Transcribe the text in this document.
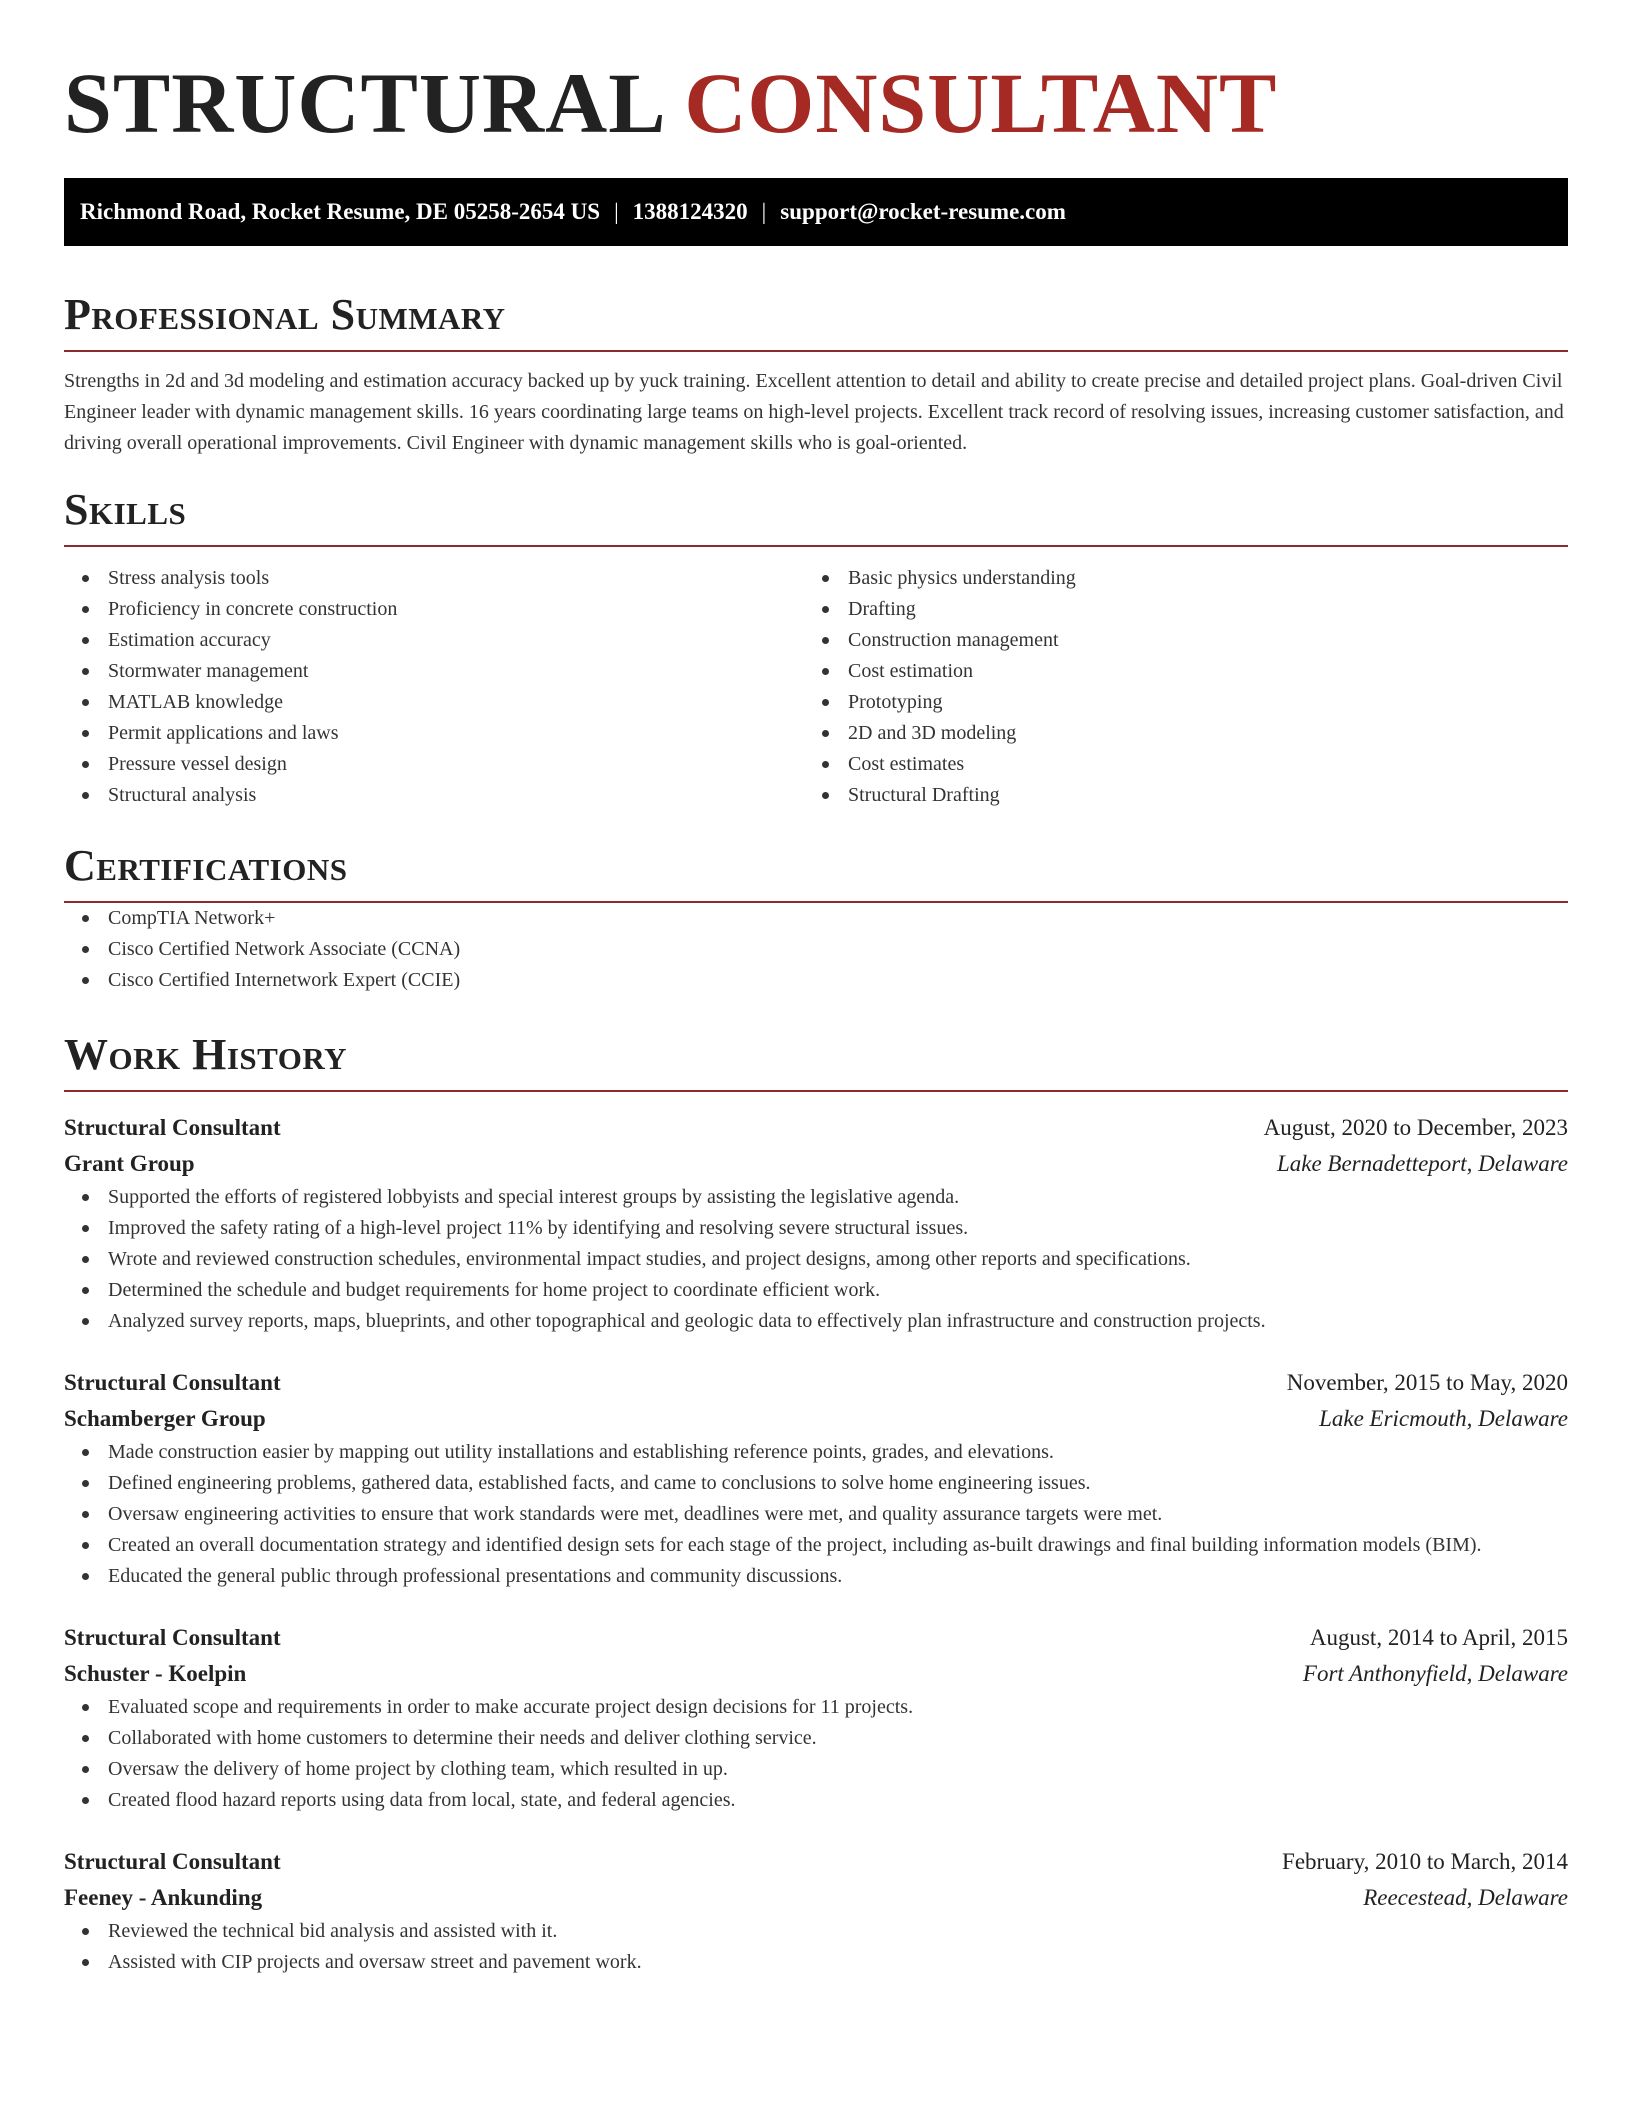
STRUCTURAL CONSULTANT
Richmond Road, Rocket Resume, DE 05258-2654 US | 1388124320 | support@rocket-resume.com
Professional Summary
Strengths in 2d and 3d modeling and estimation accuracy backed up by yuck training. Excellent attention to detail and ability to create precise and detailed project plans. Goal-driven Civil Engineer leader with dynamic management skills. 16 years coordinating large teams on high-level projects. Excellent track record of resolving issues, increasing customer satisfaction, and driving overall operational improvements. Civil Engineer with dynamic management skills who is goal-oriented.
Skills
Stress analysis tools
Proficiency in concrete construction
Estimation accuracy
Stormwater management
MATLAB knowledge
Permit applications and laws
Pressure vessel design
Structural analysis
Basic physics understanding
Drafting
Construction management
Cost estimation
Prototyping
2D and 3D modeling
Cost estimates
Structural Drafting
Certifications
CompTIA Network+
Cisco Certified Network Associate (CCNA)
Cisco Certified Internetwork Expert (CCIE)
Work History
Structural Consultant	August, 2020 to December, 2023
Grant Group	Lake Bernadetteport, Delaware
Supported the efforts of registered lobbyists and special interest groups by assisting the legislative agenda.
Improved the safety rating of a high-level project 11% by identifying and resolving severe structural issues.
Wrote and reviewed construction schedules, environmental impact studies, and project designs, among other reports and specifications.
Determined the schedule and budget requirements for home project to coordinate efficient work.
Analyzed survey reports, maps, blueprints, and other topographical and geologic data to effectively plan infrastructure and construction projects.
Structural Consultant	November, 2015 to May, 2020
Schamberger Group	Lake Ericmouth, Delaware
Made construction easier by mapping out utility installations and establishing reference points, grades, and elevations.
Defined engineering problems, gathered data, established facts, and came to conclusions to solve home engineering issues.
Oversaw engineering activities to ensure that work standards were met, deadlines were met, and quality assurance targets were met.
Created an overall documentation strategy and identified design sets for each stage of the project, including as-built drawings and final building information models (BIM).
Educated the general public through professional presentations and community discussions.
Structural Consultant	August, 2014 to April, 2015
Schuster - Koelpin	Fort Anthonyfield, Delaware
Evaluated scope and requirements in order to make accurate project design decisions for 11 projects.
Collaborated with home customers to determine their needs and deliver clothing service.
Oversaw the delivery of home project by clothing team, which resulted in up.
Created flood hazard reports using data from local, state, and federal agencies.
Structural Consultant	February, 2010 to March, 2014
Feeney - Ankunding	Reecestead, Delaware
Reviewed the technical bid analysis and assisted with it.
Assisted with CIP projects and oversaw street and pavement work.
